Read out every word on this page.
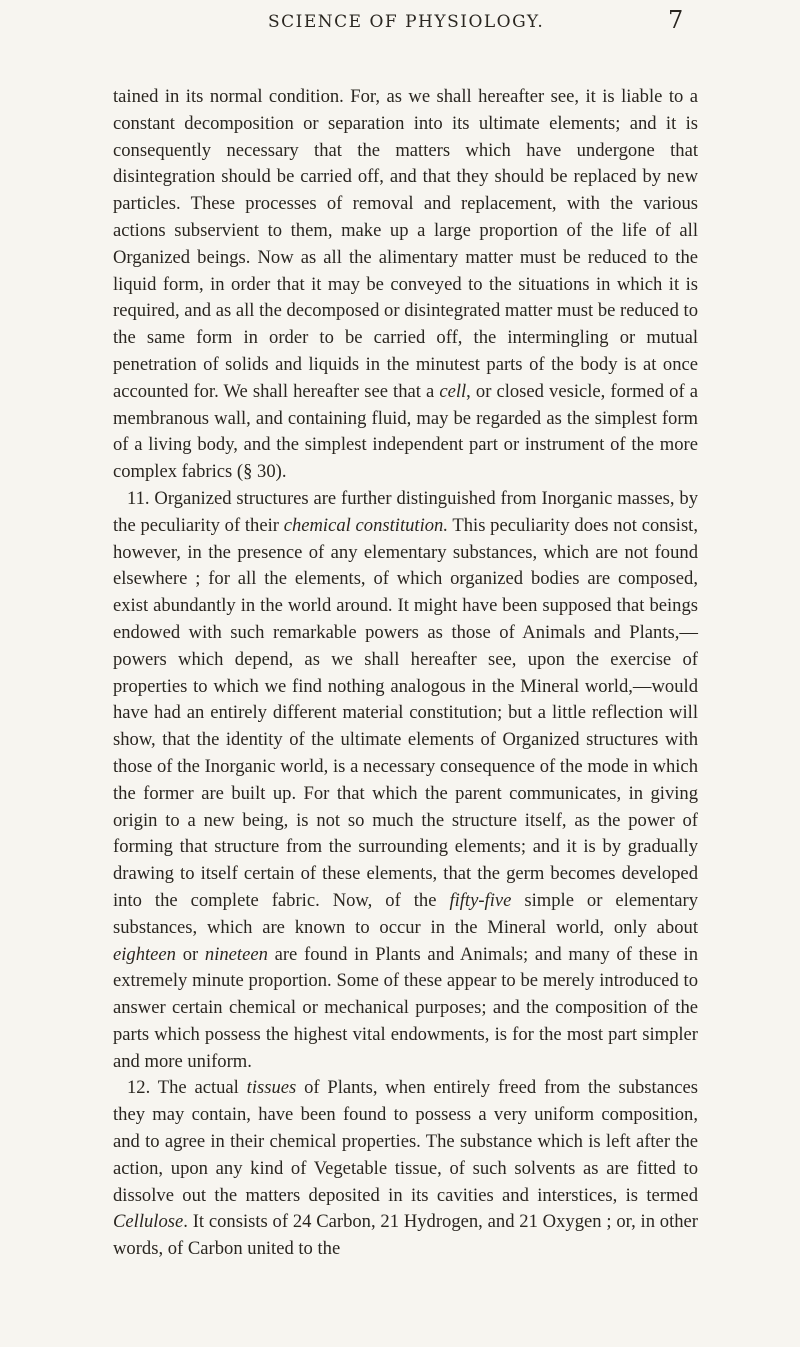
SCIENCE OF PHYSIOLOGY.	7

tained in its normal condition. For, as we shall hereafter see, it is liable to a constant decomposition or separation into its ultimate elements; and it is consequently necessary that the matters which have undergone that disintegration should be carried off, and that they should be replaced by new particles. These processes of removal and replacement, with the various actions subservient to them, make up a large proportion of the life of all Organized beings. Now as all the alimentary matter must be reduced to the liquid form, in order that it may be conveyed to the situations in which it is required, and as all the decomposed or disintegrated matter must be reduced to the same form in order to be carried off, the intermingling or mutual penetration of solids and liquids in the minutest parts of the body is at once accounted for. We shall hereafter see that a cell, or closed vesicle, formed of a membranous wall, and containing fluid, may be regarded as the simplest form of a living body, and the simplest independent part or instrument of the more complex fabrics (§ 30).

11. Organized structures are further distinguished from Inorganic masses, by the peculiarity of their chemical constitution. This peculiarity does not consist, however, in the presence of any elementary substances, which are not found elsewhere ; for all the elements, of which organized bodies are composed, exist abundantly in the world around. It might have been supposed that beings endowed with such remarkable powers as those of Animals and Plants,— powers which depend, as we shall hereafter see, upon the exercise of properties to which we find nothing analogous in the Mineral world,—would have had an entirely different material constitution; but a little reflection will show, that the identity of the ultimate elements of Organized structures with those of the Inorganic world, is a necessary consequence of the mode in which the former are built up. For that which the parent communicates, in giving origin to a new being, is not so much the structure itself, as the power of forming that structure from the surrounding elements; and it is by gradually drawing to itself certain of these elements, that the germ becomes developed into the complete fabric. Now, of the fifty-five simple or elementary substances, which are known to occur in the Mineral world, only about eighteen or nineteen are found in Plants and Animals; and many of these in extremely minute proportion. Some of these appear to be merely introduced to answer certain chemical or mechanical purposes; and the composition of the parts which possess the highest vital endowments, is for the most part simpler and more uniform.

12. The actual tissues of Plants, when entirely freed from the substances they may contain, have been found to possess a very uniform composition, and to agree in their chemical properties. The substance which is left after the action, upon any kind of Vegetable tissue, of such solvents as are fitted to dissolve out the matters deposited in its cavities and interstices, is termed Cellulose. It consists of 24 Carbon, 21 Hydrogen, and 21 Oxygen ; or, in other words, of Carbon united to the
